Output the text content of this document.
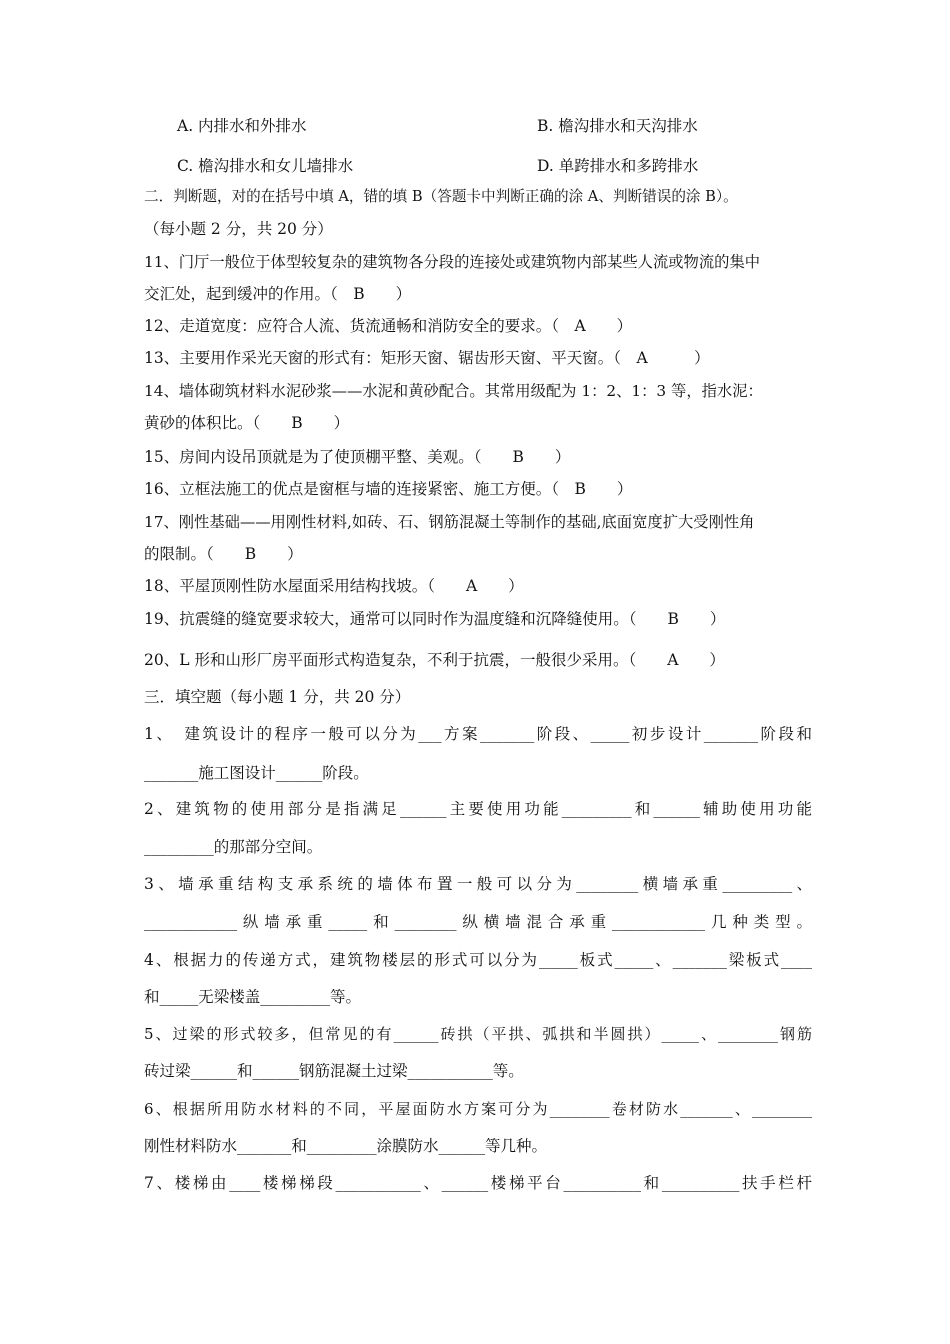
A. 内排水和外排水	B. 檐沟排水和天沟排水
C. 檐沟排水和女儿墙排水	D. 单跨排水和多跨排水
二．判断题，对的在括号中填 A，错的填 B（答题卡中判断正确的涂 A、判断错误的涂 B）。
（每小题 2 分，共 20 分）
11、门厅一般位于体型较复杂的建筑物各分段的连接处或建筑物内部某些人流或物流的集中
交汇处，起到缓冲的作用。（　B　　）
12、走道宽度：应符合人流、货流通畅和消防安全的要求。（　A　　）
13、主要用作采光天窗的形式有：矩形天窗、锯齿形天窗、平天窗。（　A　　　）
14、墙体砌筑材料水泥砂浆——水泥和黄砂配合。其常用级配为 1：2、1：3 等，指水泥：
黄砂的体积比。（　　B　　）
15、房间内设吊顶就是为了使顶棚平整、美观。（　　B　　）
16、立框法施工的优点是窗框与墙的连接紧密、施工方便。（　B　　）
17、刚性基础——用刚性材料,如砖、石、钢筋混凝土等制作的基础,底面宽度扩大受刚性角
的限制。（　　B　　）
18、平屋顶刚性防水屋面采用结构找坡。（　　A　　）
19、抗震缝的缝宽要求较大，通常可以同时作为温度缝和沉降缝使用。（　　B　　）
20、L 形和山形厂房平面形式构造复杂，不利于抗震，一般很少采用。（　　A　　）
三．填空题（每小题 1 分，共 20 分）
1、　建筑设计的程序一般可以分为___方案_______阶段、_____初步设计_______阶段和
_______施工图设计______阶段。
2、建筑物的使用部分是指满足______主要使用功能_________和______辅助使用功能
_________的那部分空间。
3、墙承重结构支承系统的墙体布置一般可以分为________横墙承重_________、
____________纵墙承重_____和________纵横墙混合承重____________几种类型。
4、根据力的传递方式，建筑物楼层的形式可以分为_____板式_____、_______梁板式____
和_____无梁楼盖_________等。
5、过梁的形式较多，但常见的有______砖拱（平拱、弧拱和半圆拱）_____、________钢筋
砖过梁______和______钢筋混凝土过梁___________等。
6、根据所用防水材料的不同，平屋面防水方案可分为________卷材防水_______、________
刚性材料防水_______和_________涂膜防水______等几种。
7、楼梯由____楼梯梯段___________、______楼梯平台__________和__________扶手栏杆
